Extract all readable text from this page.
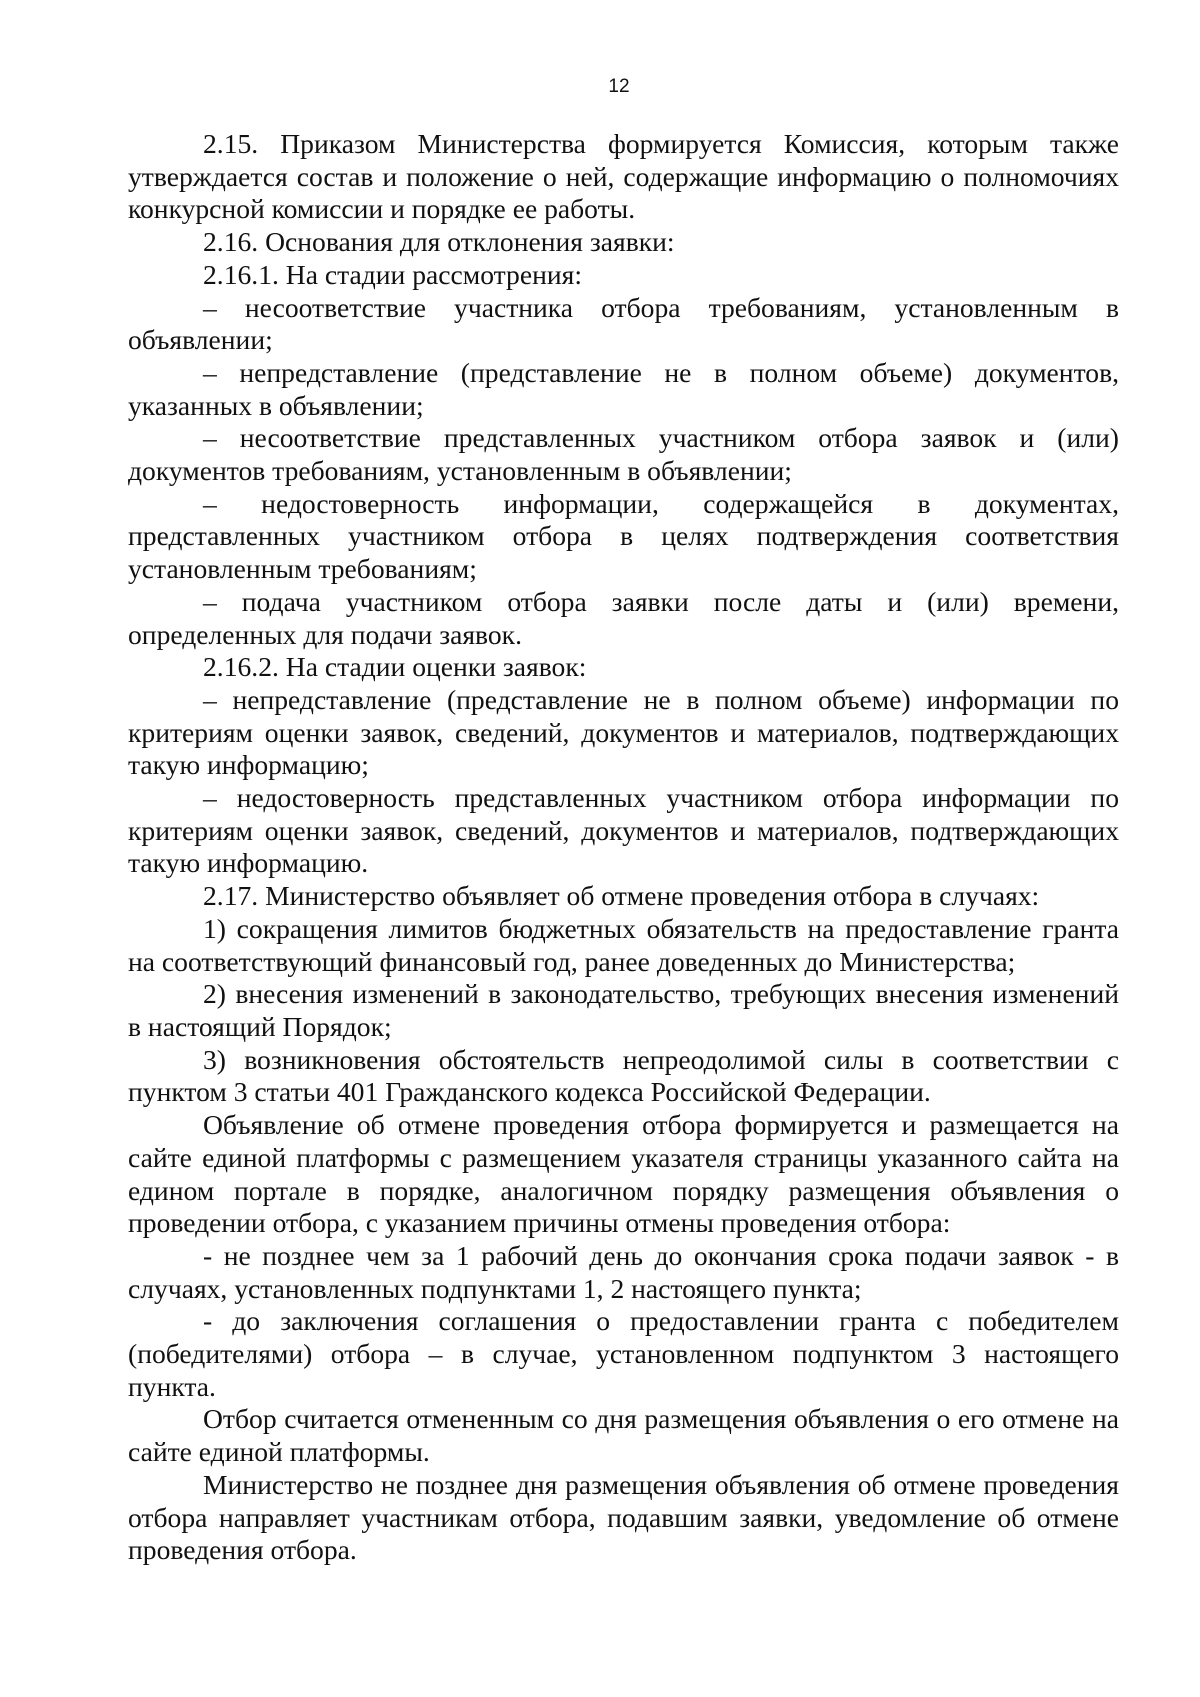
12

2.15. Приказом Министерства формируется Комиссия, которым также утверждается состав и положение о ней, содержащие информацию о полномочиях конкурсной комиссии и порядке ее работы.

2.16. Основания для отклонения заявки:

2.16.1. На стадии рассмотрения:

– несоответствие участника отбора требованиям, установленным в объявлении;

– непредставление (представление не в полном объеме) документов, указанных в объявлении;

– несоответствие представленных участником отбора заявок и (или) документов требованиям, установленным в объявлении;

– недостоверность информации, содержащейся в документах, представленных участником отбора в целях подтверждения соответствия установленным требованиям;

– подача участником отбора заявки после даты и (или) времени, определенных для подачи заявок.

2.16.2. На стадии оценки заявок:

– непредставление (представление не в полном объеме) информации по критериям оценки заявок, сведений, документов и материалов, подтверждающих такую информацию;

– недостоверность представленных участником отбора информации по критериям оценки заявок, сведений, документов и материалов, подтверждающих такую информацию.

2.17. Министерство объявляет об отмене проведения отбора в случаях:

1) сокращения лимитов бюджетных обязательств на предоставление гранта на соответствующий финансовый год, ранее доведенных до Министерства;

2) внесения изменений в законодательство, требующих внесения изменений в настоящий Порядок;

3) возникновения обстоятельств непреодолимой силы в соответствии с пунктом 3 статьи 401 Гражданского кодекса Российской Федерации.

Объявление об отмене проведения отбора формируется и размещается на сайте единой платформы с размещением указателя страницы указанного сайта на едином портале в порядке, аналогичном порядку размещения объявления о проведении отбора, с указанием причины отмены проведения отбора:

- не позднее чем за 1 рабочий день до окончания срока подачи заявок - в случаях, установленных подпунктами 1, 2 настоящего пункта;

- до заключения соглашения о предоставлении гранта с победителем (победителями) отбора – в случае, установленном подпунктом 3 настоящего пункта.

Отбор считается отмененным со дня размещения объявления о его отмене на сайте единой платформы.

Министерство не позднее дня размещения объявления об отмене проведения отбора направляет участникам отбора, подавшим заявки, уведомление об отмене проведения отбора.
